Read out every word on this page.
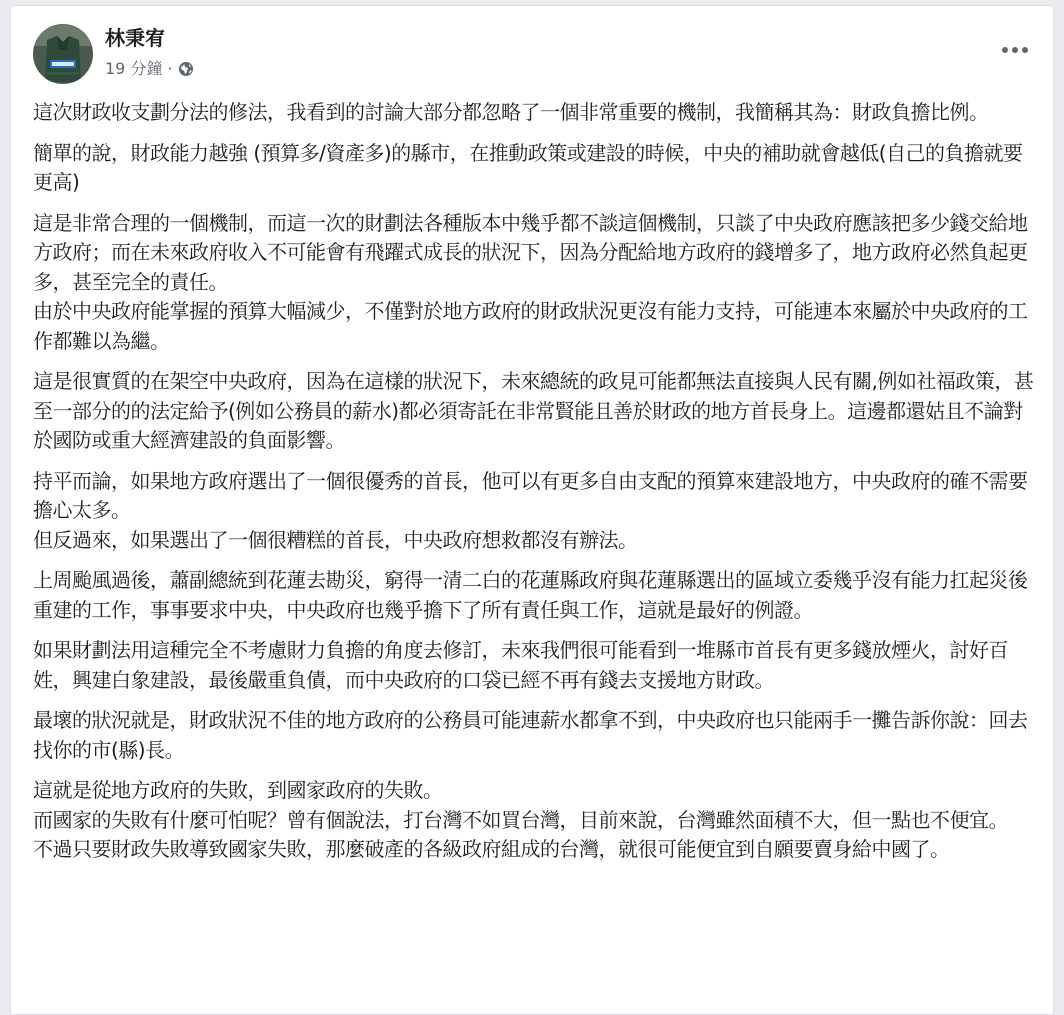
林秉宥
19 分鐘 ·

這次財政收支劃分法的修法，我看到的討論大部分都忽略了一個非常重要的機制，我簡稱其為：財政負擔比例。

簡單的說，財政能力越強 (預算多/資產多)的縣市，在推動政策或建設的時候，中央的補助就會越低(自己的負擔就要更高)

這是非常合理的一個機制，而這一次的財劃法各種版本中幾乎都不談這個機制，只談了中央政府應該把多少錢交給地方政府；而在未來政府收入不可能會有飛躍式成長的狀況下，因為分配給地方政府的錢增多了，地方政府必然負起更多，甚至完全的責任。
由於中央政府能掌握的預算大幅減少，不僅對於地方政府的財政狀況更沒有能力支持，可能連本來屬於中央政府的工作都難以為繼。

這是很實質的在架空中央政府，因為在這樣的狀況下，未來總統的政見可能都無法直接與人民有關,例如社福政策，甚至一部分的的法定給予(例如公務員的薪水)都必須寄託在非常賢能且善於財政的地方首長身上。這邊都還姑且不論對於國防或重大經濟建設的負面影響。

持平而論，如果地方政府選出了一個很優秀的首長，他可以有更多自由支配的預算來建設地方，中央政府的確不需要擔心太多。
但反過來，如果選出了一個很糟糕的首長，中央政府想救都沒有辦法。

上周颱風過後，蕭副總統到花蓮去勘災，窮得一清二白的花蓮縣政府與花蓮縣選出的區域立委幾乎沒有能力扛起災後重建的工作，事事要求中央，中央政府也幾乎擔下了所有責任與工作，這就是最好的例證。

如果財劃法用這種完全不考慮財力負擔的角度去修訂，未來我們很可能看到一堆縣市首長有更多錢放煙火，討好百姓，興建白象建設，最後嚴重負債，而中央政府的口袋已經不再有錢去支援地方財政。

最壞的狀況就是，財政狀況不佳的地方政府的公務員可能連薪水都拿不到，中央政府也只能兩手一攤告訴你說：回去找你的市(縣)長。

這就是從地方政府的失敗，到國家政府的失敗。
而國家的失敗有什麼可怕呢？曾有個說法，打台灣不如買台灣，目前來說，台灣雖然面積不大，但一點也不便宜。
不過只要財政失敗導致國家失敗，那麼破產的各級政府組成的台灣，就很可能便宜到自願要賣身給中國了。
